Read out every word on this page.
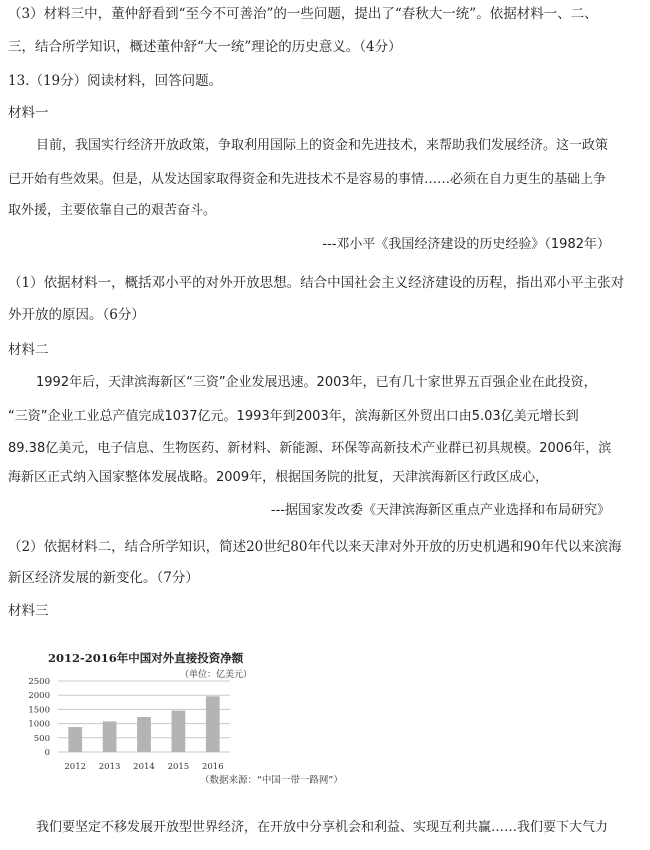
（3）材料三中，董仲舒看到“至今不可善治”的一些问题，提出了“春秋大一统”。依据材料一、二、
三，结合所学知识，概述董仲舒“大一统”理论的历史意义。（4分）
13.（19分）阅读材料，回答问题。
材料一
目前，我国实行经济开放政策，争取利用国际上的资金和先进技术，来帮助我们发展经济。这一政策
已开始有些效果。但是，从发达国家取得资金和先进技术不是容易的事情……必须在自力更生的基础上争
取外援，主要依靠自己的艰苦奋斗。
---邓小平《我国经济建设的历史经验》（1982年）
（1）依据材料一，概括邓小平的对外开放思想。结合中国社会主义经济建设的历程，指出邓小平主张对
外开放的原因。（6分）
材料二
1992年后，天津滨海新区“三资”企业发展迅速。2003年，已有几十家世界五百强企业在此投资，
“三资”企业工业总产值完成1037亿元。1993年到2003年，滨海新区外贸出口由5.03亿美元增长到
89.38亿美元，电子信息、生物医药、新材料、新能源、环保等高新技术产业群已初具规模。2006年，滨
海新区正式纳入国家整体发展战略。2009年，根据国务院的批复，天津滨海新区行政区成心，
---据国家发改委《天津滨海新区重点产业选择和布局研究》
（2）依据材料二，结合所学知识，简述20世纪80年代以来天津对外开放的历史机遇和90年代以来滨海
新区经济发展的新变化。（7分）
材料三
2012-2016年中国对外直接投资净额
（单位：亿美元）
0
500
1000
1500
2000
2500
2012 2013 2014 2015 2016
（数据来源：“中国一带一路网”）
我们要坚定不移发展开放型世界经济，在开放中分享机会和利益、实现互利共赢……我们要下大气力
